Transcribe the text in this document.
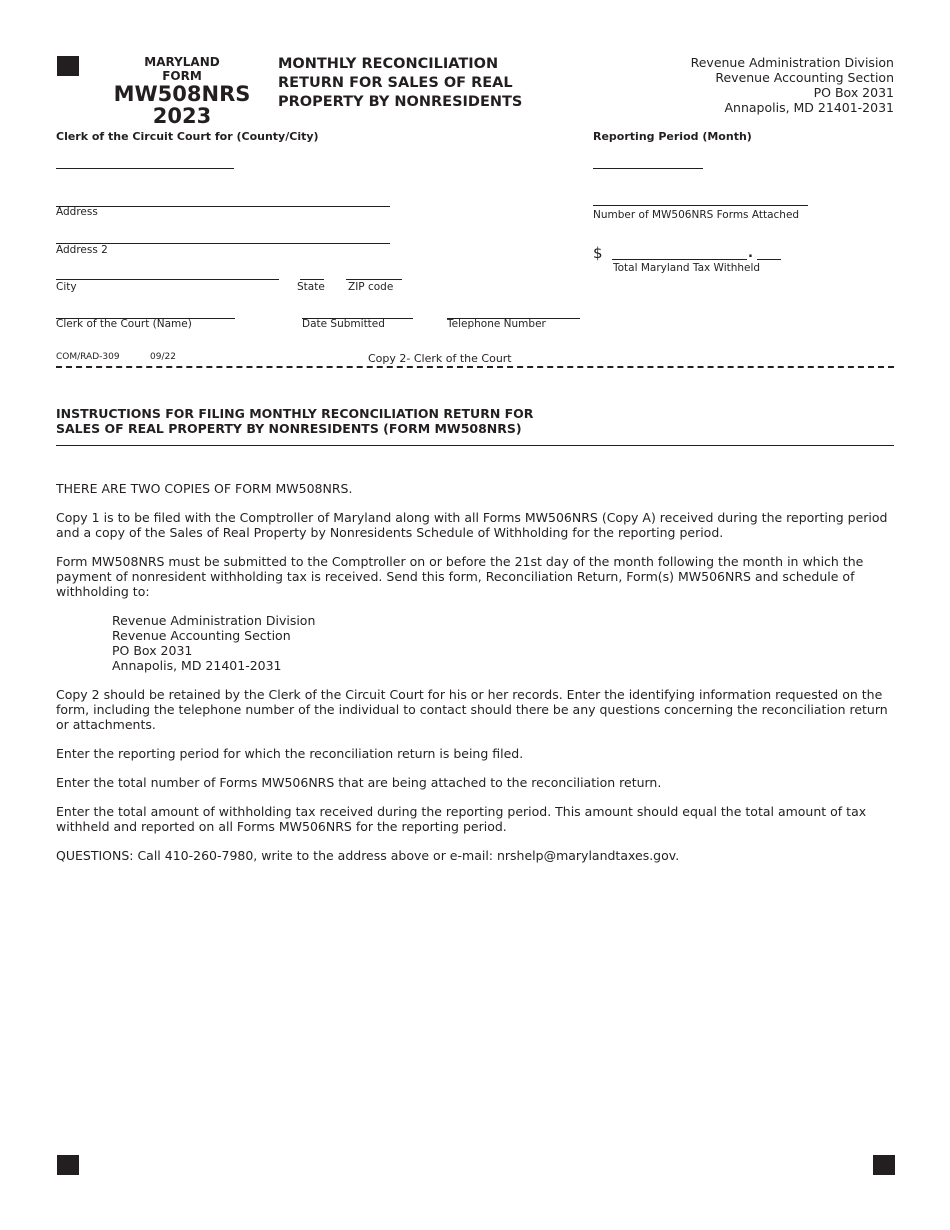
MARYLAND
FORM
MW508NRS
2023
MONTHLY RECONCILIATION
RETURN FOR SALES OF REAL
PROPERTY BY NONRESIDENTS
Revenue Administration Division
Revenue Accounting Section
PO Box 2031
Annapolis, MD 21401-2031
Clerk of the Circuit Court for (County/City)	Reporting Period (Month)
Address	Number of MW506NRS Forms Attached
Address 2	$	.
Total Maryland Tax Withheld
City	State ZIP code
Clerk of the Court (Name)	Date Submitted	Telephone Number
COM/RAD-309	09/22	Copy 2- Clerk of the Court
INSTRUCTIONS FOR FILING MONTHLY RECONCILIATION RETURN FOR
SALES OF REAL PROPERTY BY NONRESIDENTS (FORM MW508NRS)

THERE ARE TWO COPIES OF FORM MW508NRS.

Copy 1 is to be filed with the Comptroller of Maryland along with all Forms MW506NRS (Copy A) received during the reporting period and a copy of the Sales of Real Property by Nonresidents Schedule of Withholding for the reporting period.

Form MW508NRS must be submitted to the Comptroller on or before the 21st day of the month following the month in which the payment of nonresident withholding tax is received. Send this form, Reconciliation Return, Form(s) MW506NRS and schedule of withholding to:

Revenue Administration Division
Revenue Accounting Section
PO Box 2031
Annapolis, MD 21401-2031

Copy 2 should be retained by the Clerk of the Circuit Court for his or her records. Enter the identifying information requested on the form, including the telephone number of the individual to contact should there be any questions concerning the reconciliation return or attachments.

Enter the reporting period for which the reconciliation return is being filed.

Enter the total number of Forms MW506NRS that are being attached to the reconciliation return.

Enter the total amount of withholding tax received during the reporting period. This amount should equal the total amount of tax withheld and reported on all Forms MW506NRS for the reporting period.

QUESTIONS: Call 410-260-7980, write to the address above or e-mail: nrshelp@marylandtaxes.gov.
